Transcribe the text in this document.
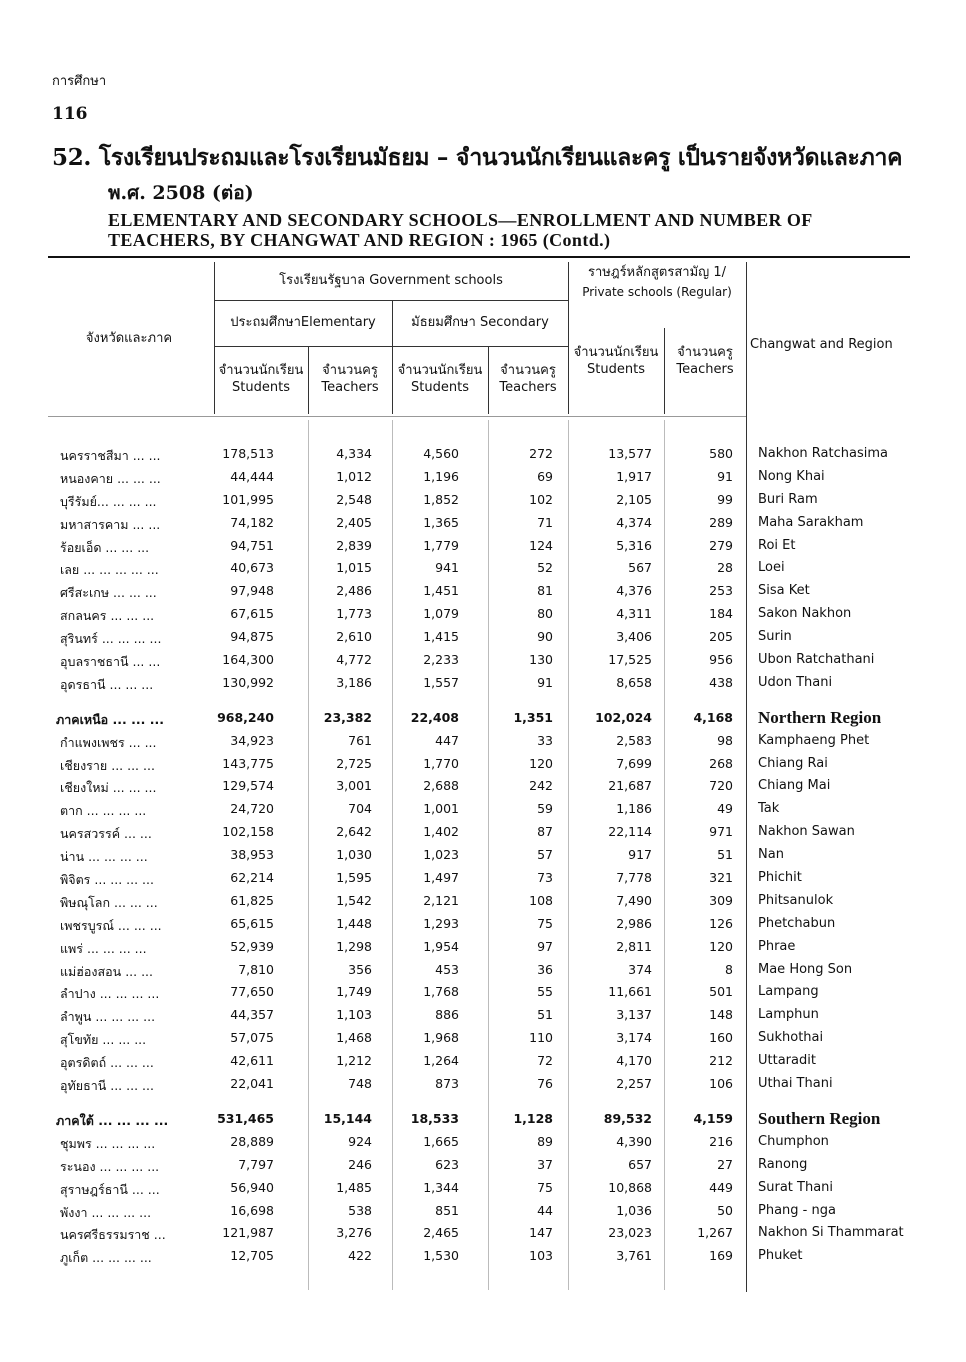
การศึกษา
116
52. โรงเรียนประถมและโรงเรียนมัธยม – จำนวนนักเรียนและครู เป็นรายจังหวัดและภาค
พ.ศ. 2508 (ต่อ)
ELEMENTARY AND SECONDARY SCHOOLS—ENROLLMENT AND NUMBER OF
TEACHERS, BY CHANGWAT AND REGION : 1965 (Contd.)
จังหวัดและภาค
โรงเรียนรัฐบาล Government schools
ราษฎร์หลักสูตรสามัญ 1/
Private schools (Regular)
ประถมศึกษาElementary	มัธยมศึกษา Secondary
จำนวนนักเรียน
Students
จำนวนครู
Teachers
จำนวนนักเรียน
Students
จำนวนครู
Teachers
จำนวนนักเรียน
Students
จำนวนครู
Teachers
Changwat and Region
นครราชสีมา ... ...	178,513	4,334	4,560	272	13,577	580 Nakhon Ratchasima
หนองคาย ... ... ...	44,444	1,012	1,196	69	1,917	91 Nong Khai
บุรีรัมย์... ... ... ...	101,995	2,548	1,852	102	2,105	99 Buri Ram
มหาสารคาม ... ...	74,182	2,405	1,365	71	4,374	289 Maha Sarakham
ร้อยเอ็ด ... ... ...	94,751	2,839	1,779	124	5,316	279 Roi Et
เลย ... ... ... ... ...	40,673	1,015	941	52	567	28 Loei
ศรีสะเกษ ... ... ...	97,948	2,486	1,451	81	4,376	253 Sisa Ket
สกลนคร ... ... ...	67,615	1,773	1,079	80	4,311	184 Sakon Nakhon
สุรินทร์ ... ... ... ...	94,875	2,610	1,415	90	3,406	205 Surin
อุบลราชธานี ... ...	164,300	4,772	2,233	130	17,525	956 Ubon Ratchathani
อุดรธานี ... ... ...	130,992	3,186	1,557	91	8,658	438 Udon Thani
ภาคเหนือ ... ... ...	968,240	23,382	22,408	1,351	102,024	4,168 Northern Region
กำแพงเพชร ... ...	34,923	761	447	33	2,583	98 Kamphaeng Phet
เชียงราย ... ... ...	143,775	2,725	1,770	120	7,699	268 Chiang Rai
เชียงใหม่ ... ... ...	129,574	3,001	2,688	242	21,687	720 Chiang Mai
ตาก ... ... ... ...	24,720	704	1,001	59	1,186	49 Tak
นครสวรรค์ ... ...	102,158	2,642	1,402	87	22,114	971 Nakhon Sawan
น่าน ... ... ... ...	38,953	1,030	1,023	57	917	51 Nan
พิจิตร ... ... ... ...	62,214	1,595	1,497	73	7,778	321 Phichit
พิษณุโลก ... ... ...	61,825	1,542	2,121	108	7,490	309 Phitsanulok
เพชรบูรณ์ ... ... ...	65,615	1,448	1,293	75	2,986	126 Phetchabun
แพร่ ... ... ... ...	52,939	1,298	1,954	97	2,811	120 Phrae
แม่ฮ่องสอน ... ...	7,810	356	453	36	374	8 Mae Hong Son
ลำปาง ... ... ... ...	77,650	1,749	1,768	55	11,661	501 Lampang
ลำพูน ... ... ... ...	44,357	1,103	886	51	3,137	148 Lamphun
สุโขทัย ... ... ...	57,075	1,468	1,968	110	3,174	160 Sukhothai
อุตรดิตถ์ ... ... ...	42,611	1,212	1,264	72	4,170	212 Uttaradit
อุทัยธานี ... ... ...	22,041	748	873	76	2,257	106 Uthai Thani
ภาคใต้ ... ... ... ...	531,465	15,144	18,533	1,128	89,532	4,159 Southern Region
ชุมพร ... ... ... ...	28,889	924	1,665	89	4,390	216 Chumphon
ระนอง ... ... ... ...	7,797	246	623	37	657	27 Ranong
สุราษฎร์ธานี ... ...	56,940	1,485	1,344	75	10,868	449 Surat Thani
พังงา ... ... ... ...	16,698	538	851	44	1,036	50 Phang - nga
นครศรีธรรมราช ...	121,987	3,276	2,465	147	23,023	1,267 Nakhon Si Thammarat
ภูเก็ต ... ... ... ...	12,705	422	1,530	103	3,761	169 Phuket
